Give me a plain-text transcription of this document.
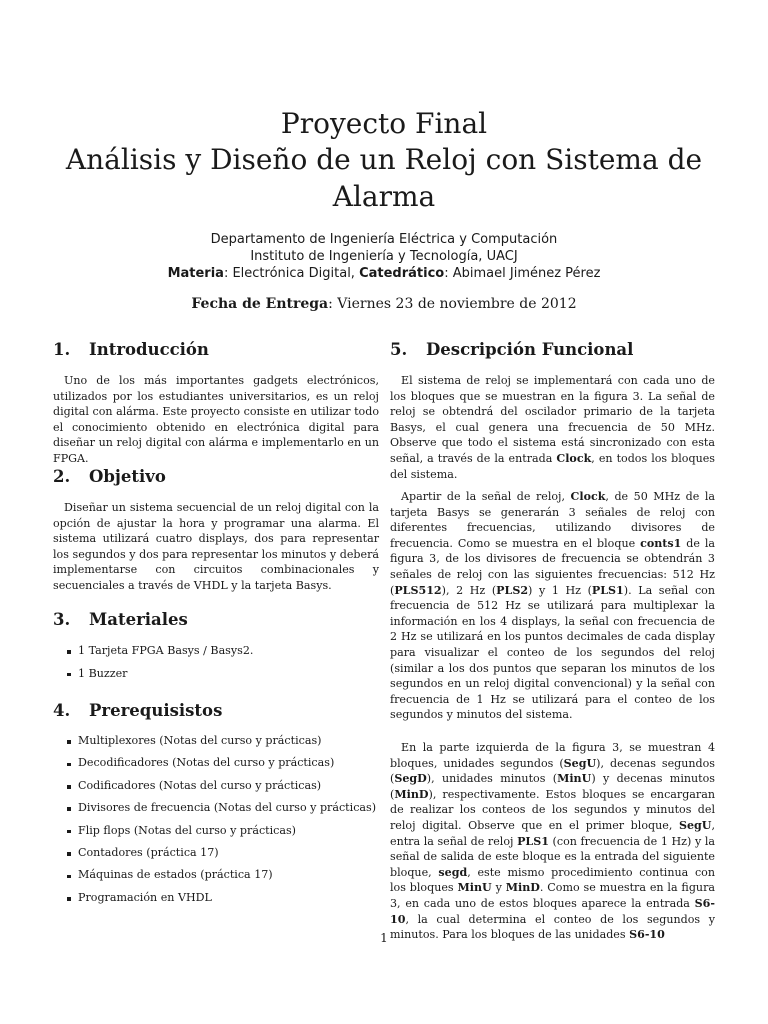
Proyecto Final
Análisis y Diseño de un Reloj con Sistema de
Alarma
Departamento de Ingeniería Eléctrica y Computación
Instituto de Ingeniería y Tecnología, UACJ
Materia: Electrónica Digital, Catedrático: Abimael Jiménez Pérez
Fecha de Entrega: Viernes 23 de noviembre de 2012
1. Introducción

Uno de los más importantes gadgets electrónicos, utilizados por los estudiantes universitarios, es un reloj digital con alárma. Este proyecto consiste en utilizar todo el conocimiento obtenido en electrónica digital para diseñar un reloj digital con alárma e implementarlo en un FPGA.

2. Objetivo

Diseñar un sistema secuencial de un reloj digital con la opción de ajustar la hora y programar una alarma. El sistema utilizará cuatro displays, dos para representar los segundos y dos para representar los minutos y deberá implementarse con circuitos combinacionales y secuenciales a través de VHDL y la tarjeta Basys.

3. Materiales
1 Tarjeta FPGA Basys / Basys2.
1 Buzzer
4. Prerequisistos
Multiplexores (Notas del curso y prácticas)
Decodificadores (Notas del curso y prácticas)
Codificadores (Notas del curso y prácticas)
Divisores de frecuencia (Notas del curso y prácticas)
Flip flops (Notas del curso y prácticas)
Contadores (práctica 17)
Máquinas de estados (práctica 17)
Programación en VHDL
5. Descripción Funcional

El sistema de reloj se implementará con cada uno de los bloques que se muestran en la figura 3. La señal de reloj se obtendrá del oscilador primario de la tarjeta Basys, el cual genera una frecuencia de 50 MHz. Observe que todo el sistema está sincronizado con esta señal, a través de la entrada Clock, en todos los bloques del sistema.

Apartir de la señal de reloj, Clock, de 50 MHz de la tarjeta Basys se generarán 3 señales de reloj con diferentes frecuencias, utilizando divisores de frecuencia. Como se muestra en el bloque conts1 de la figura 3, de los divisores de frecuencia se obtendrán 3 señales de reloj con las siguientes frecuencias: 512 Hz (PLS512), 2 Hz (PLS2) y 1 Hz (PLS1). La señal con frecuencia de 512 Hz se utilizará para multiplexar la información en los 4 displays, la señal con frecuencia de 2 Hz se utilizará en los puntos decimales de cada display para visualizar el conteo de los segundos del reloj (similar a los dos puntos que separan los minutos de los segundos en un reloj digital convencional) y la señal con frecuencia de 1 Hz se utilizará para el conteo de los segundos y minutos del sistema.

En la parte izquierda de la figura 3, se muestran 4 bloques, unidades segundos (SegU), decenas segundos (SegD), unidades minutos (MinU) y decenas minutos (MinD), respectivamente. Estos bloques se encargaran de realizar los conteos de los segundos y minutos del reloj digital. Observe que en el primer bloque, SegU, entra la señal de reloj PLS1 (con frecuencia de 1 Hz) y la señal de salida de este bloque es la entrada del siguiente bloque, segd, este mismo procedimiento continua con los bloques MinU y MinD. Como se muestra en la figura 3, en cada uno de estos bloques aparece la entrada S6-10, la cual determina el conteo de los segundos y minutos. Para los bloques de las unidades S6-10

1
